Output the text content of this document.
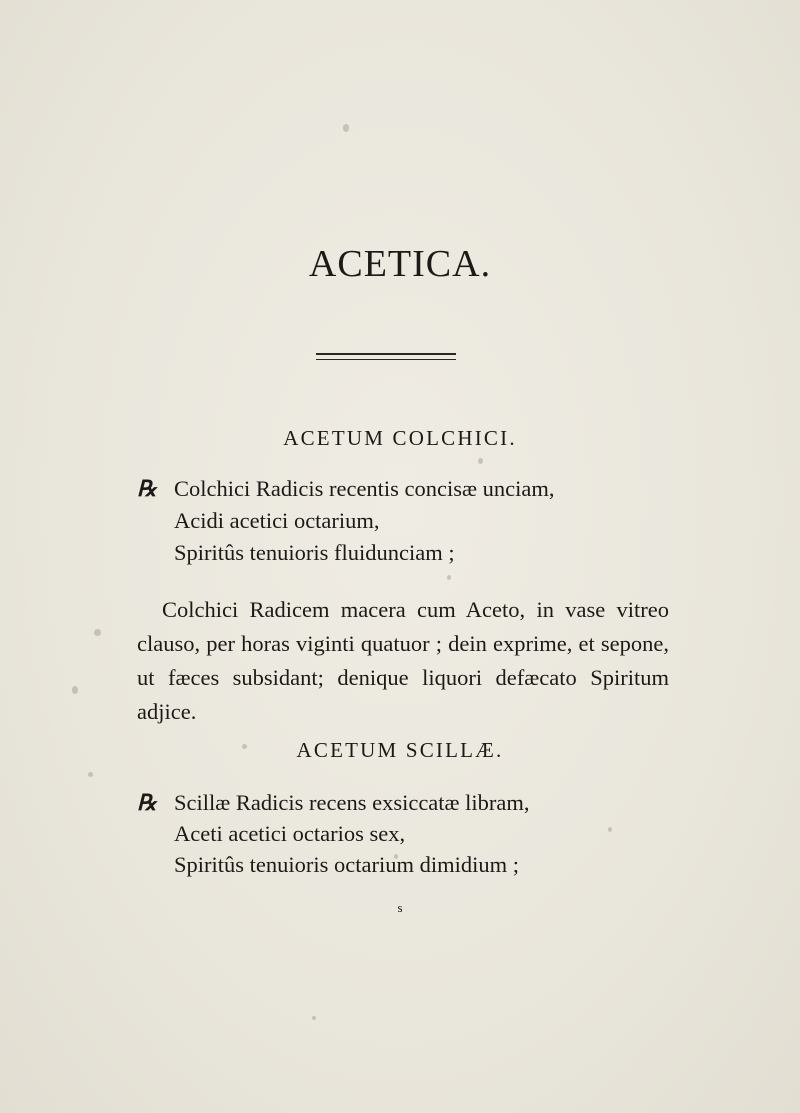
ACETICA.
ACETUM COLCHICI.
℞ Colchici Radicis recentis concisæ unciam,

Acidi acetici octarium,

Spiritûs tenuioris fluidunciam ;

Colchici Radicem macera cum Aceto, in vase vitreo clauso, per horas viginti quatuor ; dein exprime, et sepone, ut fæces subsidant; denique liquori defæcato Spiritum adjice.

ACETUM SCILLÆ.
℞ Scillæ Radicis recens exsiccatæ libram,

Aceti acetici octarios sex,

Spiritûs tenuioris octarium dimidium ;

s
